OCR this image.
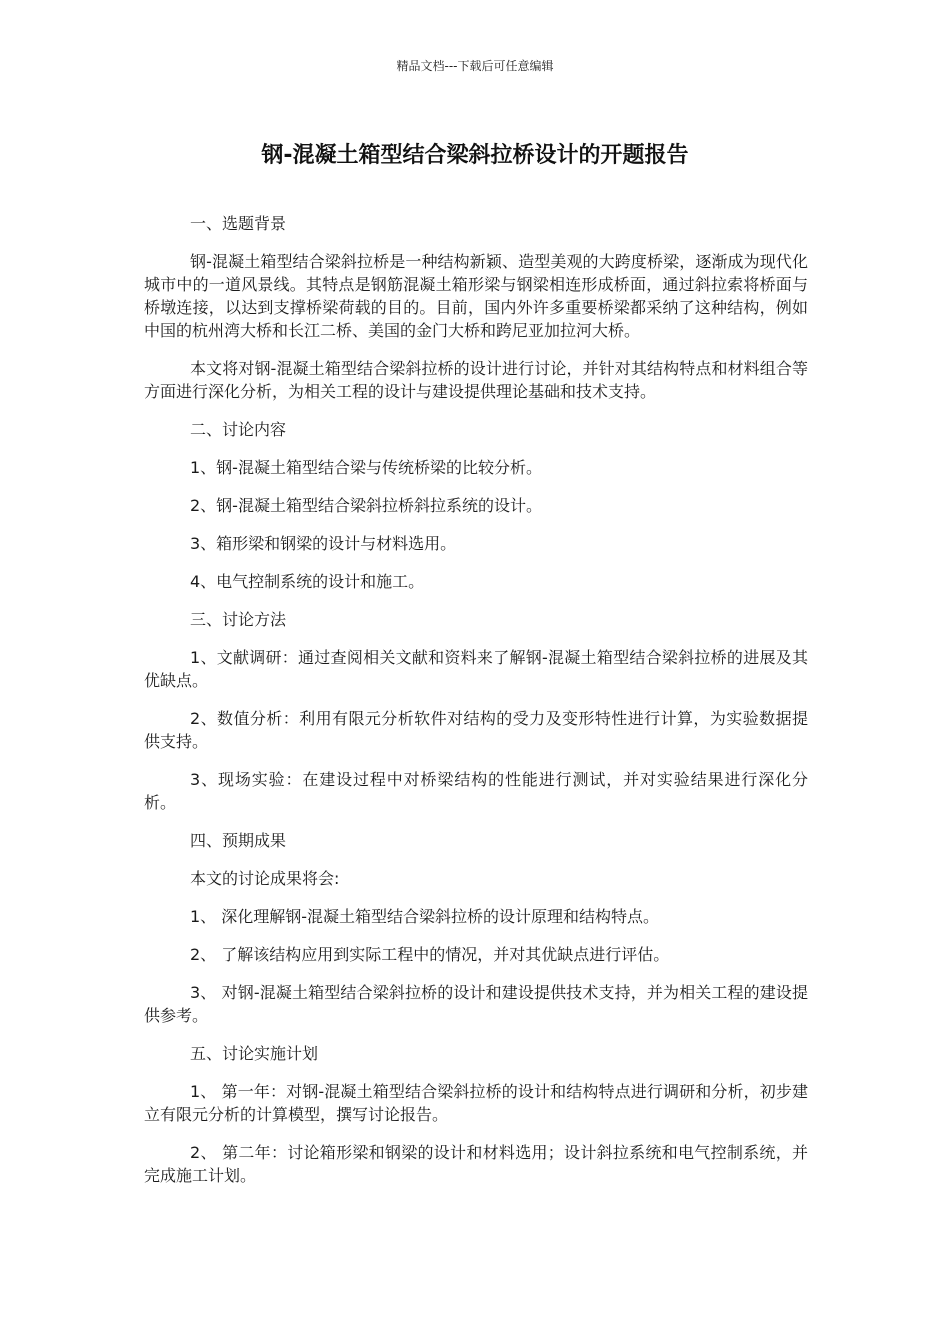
精品文档---下载后可任意编辑
钢-混凝土箱型结合梁斜拉桥设计的开题报告

一、选题背景

钢-混凝土箱型结合梁斜拉桥是一种结构新颖、造型美观的大跨度桥梁，逐渐成为现代化城市中的一道风景线。其特点是钢筋混凝土箱形梁与钢梁相连形成桥面，通过斜拉索将桥面与桥墩连接，以达到支撑桥梁荷载的目的。目前，国内外许多重要桥梁都采纳了这种结构，例如中国的杭州湾大桥和长江二桥、美国的金门大桥和跨尼亚加拉河大桥。

本文将对钢-混凝土箱型结合梁斜拉桥的设计进行讨论，并针对其结构特点和材料组合等方面进行深化分析，为相关工程的设计与建设提供理论基础和技术支持。

二、讨论内容

1、钢-混凝土箱型结合梁与传统桥梁的比较分析。

2、钢-混凝土箱型结合梁斜拉桥斜拉系统的设计。

3、箱形梁和钢梁的设计与材料选用。

4、电气控制系统的设计和施工。

三、讨论方法

1、文献调研：通过查阅相关文献和资料来了解钢-混凝土箱型结合梁斜拉桥的进展及其优缺点。

2、数值分析：利用有限元分析软件对结构的受力及变形特性进行计算，为实验数据提供支持。

3、现场实验：在建设过程中对桥梁结构的性能进行测试，并对实验结果进行深化分析。

四、预期成果

本文的讨论成果将会:

1、 深化理解钢-混凝土箱型结合梁斜拉桥的设计原理和结构特点。

2、 了解该结构应用到实际工程中的情况，并对其优缺点进行评估。

3、 对钢-混凝土箱型结合梁斜拉桥的设计和建设提供技术支持，并为相关工程的建设提供参考。

五、讨论实施计划

1、 第一年：对钢-混凝土箱型结合梁斜拉桥的设计和结构特点进行调研和分析，初步建立有限元分析的计算模型，撰写讨论报告。

2、 第二年：讨论箱形梁和钢梁的设计和材料选用；设计斜拉系统和电气控制系统，并完成施工计划。
